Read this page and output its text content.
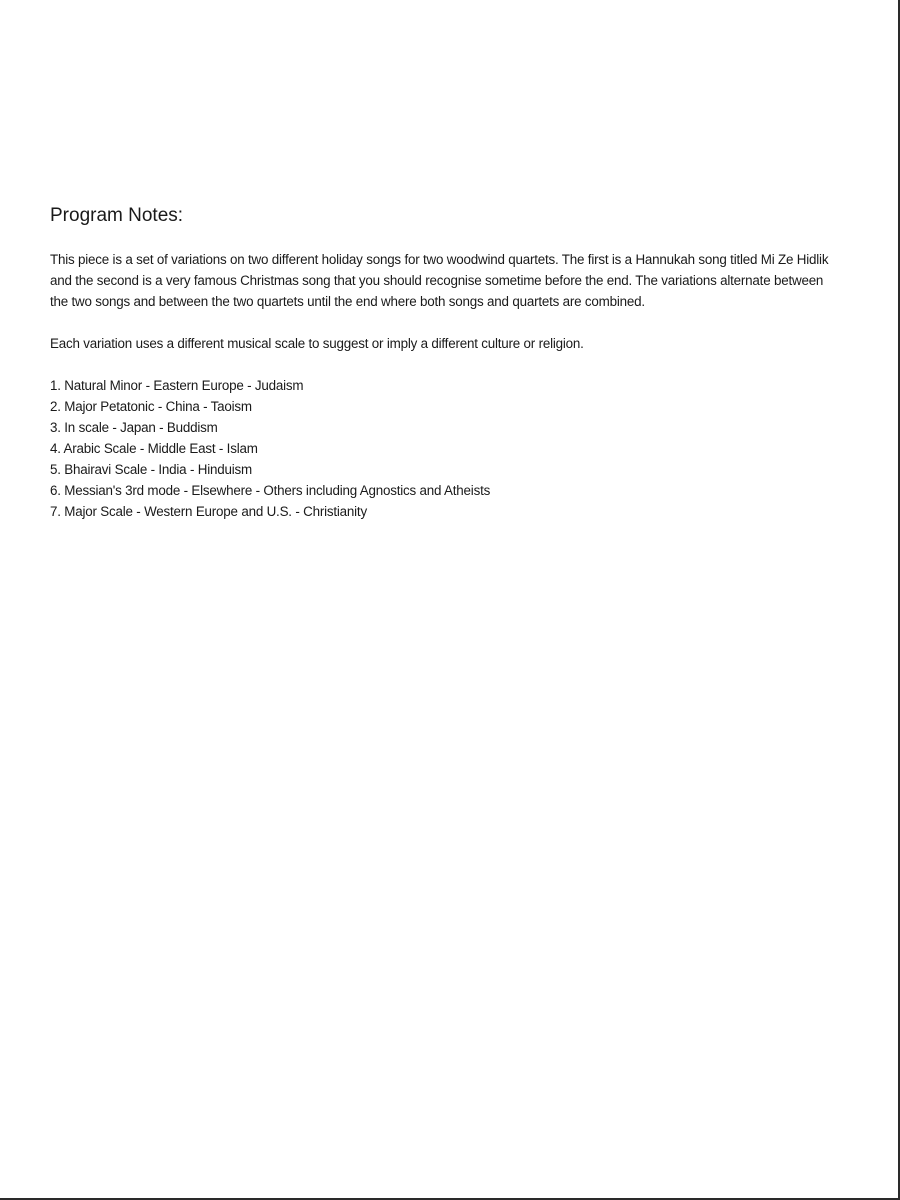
Program Notes:

This piece is a set of variations on two different holiday songs for two woodwind quartets. The first is a Hannukah song titled Mi Ze Hidlik and the second is a very famous Christmas song that you should recognise sometime before the end. The variations alternate between the two songs and between the two quartets until the end where both songs and quartets are combined.

Each variation uses a different musical scale to suggest or imply a different culture or religion.

1. Natural Minor - Eastern Europe - Judaism
2. Major Petatonic - China - Taoism
3. In scale - Japan - Buddism
4. Arabic Scale - Middle East - Islam
5. Bhairavi Scale - India - Hinduism
6. Messian's 3rd mode - Elsewhere - Others including Agnostics and Atheists
7. Major Scale - Western Europe and U.S. - Christianity
